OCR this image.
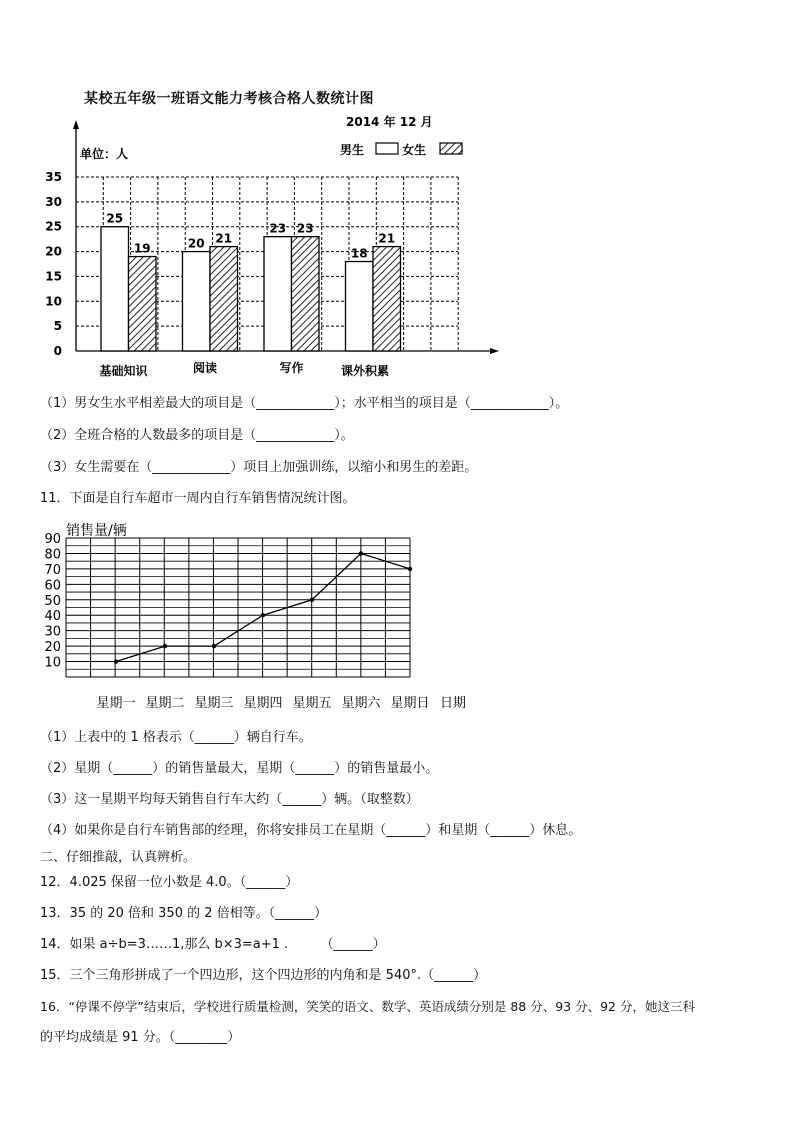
某校五年级一班语文能力考核合格人数统计图
0
5
10
15
20
25
30
35
25
19
基础知识
20 21
阅读
23 23
写作
18
21
课外积累
2014 年 12 月
单位：人	男生	女生
（1）男女生水平相差最大的项目是（____________）；水平相当的项目是（____________）。
（2）全班合格的人数最多的项目是（____________）。
（3）女生需要在（____________）项目上加强训练，以缩小和男生的差距。
11．下面是自行车超市一周内自行车销售情况统计图。
10
20
30
40
50
60
70
80
90
星期一 星期二 星期三 星期四 星期五 星期六 星期日
销售量/辆
日期
（1）上表中的 1 格表示（______）辆自行车。
（2）星期（______）的销售量最大，星期（______）的销售量最小。
（3）这一星期平均每天销售自行车大约（______）辆。（取整数）
（4）如果你是自行车销售部的经理，你将安排员工在星期（______）和星期（______）休息。
二、仔细推敲，认真辨析。
12．4.025 保留一位小数是 4.0。（______）
13．35 的 20 倍和 350 的 2 倍相等。（______）
14．如果 a÷b=3……1,那么 b×3=a+1 .　　　（______）
15．三个三角形拼成了一个四边形，这个四边形的内角和是 540°.（______）
16．“停课不停学”结束后，学校进行质量检测，笑笑的语文、数学、英语成绩分别是 88 分、93 分、92 分，她这三科
的平均成绩是 91 分。（________）
